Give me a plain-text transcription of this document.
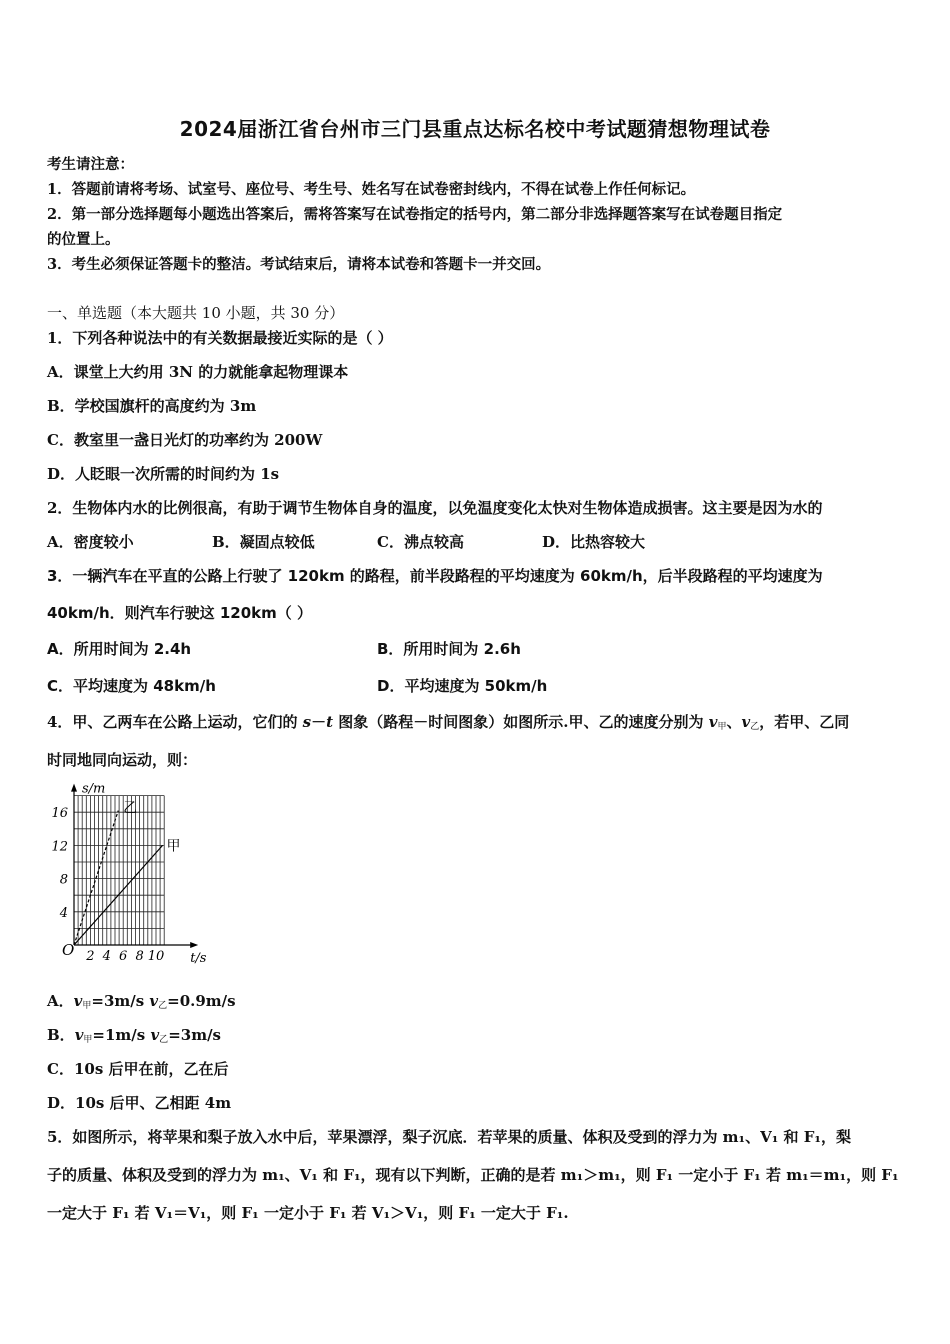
2024届浙江省台州市三门县重点达标名校中考试题猜想物理试卷
考生请注意：
1．答题前请将考场、试室号、座位号、考生号、姓名写在试卷密封线内，不得在试卷上作任何标记。
2．第一部分选择题每小题选出答案后，需将答案写在试卷指定的括号内，第二部分非选择题答案写在试卷题目指定
的位置上。
3．考生必须保证答题卡的整洁。考试结束后，请将本试卷和答题卡一并交回。
一、单选题（本大题共 10 小题，共 30 分）
1．下列各种说法中的有关数据最接近实际的是（ ）
A．课堂上大约用 3N 的力就能拿起物理课本
B．学校国旗杆的高度约为 3m
C．教室里一盏日光灯的功率约为 200W
D．人眨眼一次所需的时间约为 1s
2．生物体内水的比例很高，有助于调节生物体自身的温度，以免温度变化太快对生物体造成损害。这主要是因为水的
A．密度较小	B．凝固点较低	C．沸点较高	D．比热容较大
3．一辆汽车在平直的公路上行驶了 120km 的路程，前半段路程的平均速度为 60km/h，后半段路程的平均速度为
40km/h．则汽车行驶这 120km（ ）
A．所用时间为 2.4h	B．所用时间为 2.6h
C．平均速度为 48km/h	D．平均速度为 50km/h
4．甲、乙两车在公路上运动，它们的 s－t 图象（路程－时间图象）如图所示.甲、乙的速度分别为 $v_甲$、$v_乙$，若甲、乙同
时同地同向运动，则：
2 4 6 8 10
4
8
12
16
O	t/s
s/m
乙
甲
A．$v_甲=3m/s$ $v_乙=0.9m/s$
B．$v_甲=1m/s$ $v_乙=3m/s$
C．10s 后甲在前，乙在后
D．10s 后甲、乙相距 4m
5．如图所示，将苹果和梨子放入水中后，苹果漂浮，梨子沉底．若苹果的质量、体积及受到的浮力为 m₁、V₁ 和 F₁，梨
子的质量、体积及受到的浮力为 m₁、V₁ 和 F₁，现有以下判断，正确的是若 m₁＞m₁，则 F₁ 一定小于 F₁ 若 m₁＝m₁，则 F₁
一定大于 F₁ 若 V₁＝V₁，则 F₁ 一定小于 F₁ 若 V₁＞V₁，则 F₁ 一定大于 F₁.
